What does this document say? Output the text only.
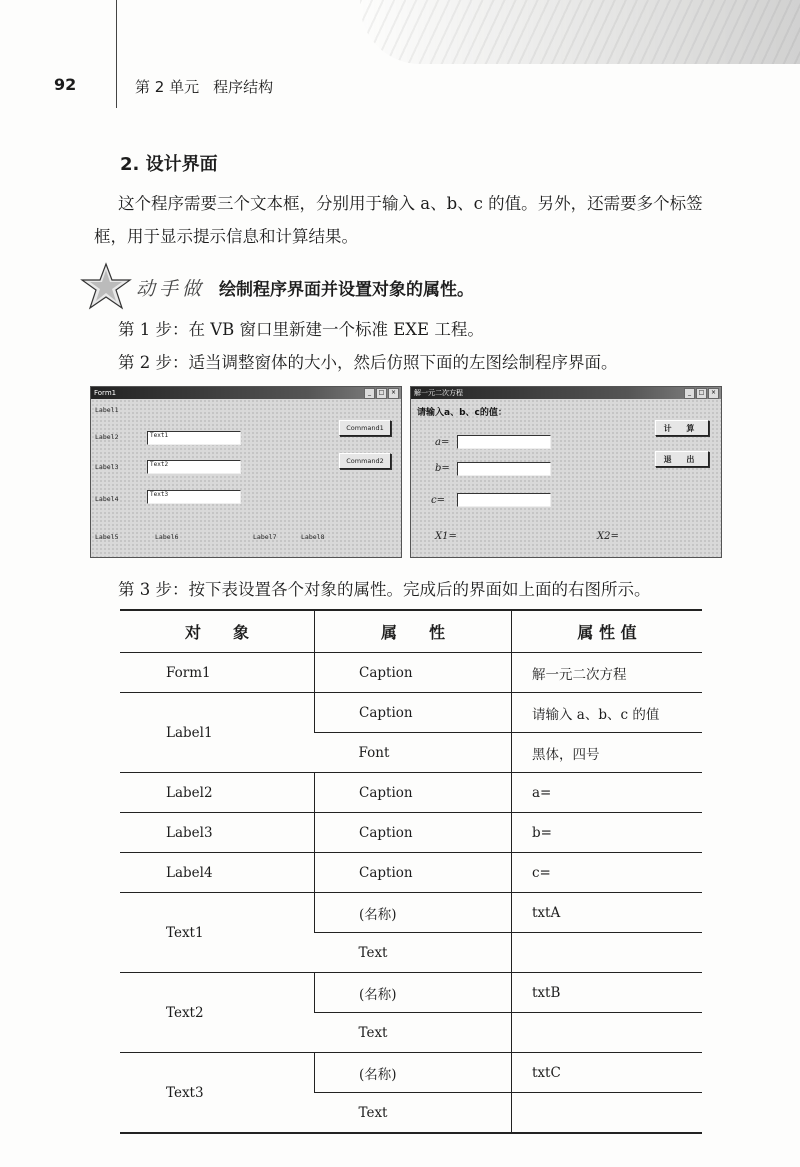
92	第 2 单元 程序结构
2. 设计界面
这个程序需要三个文本框，分别用于输入 a、b、c 的值。另外，还需要多个标签框，用于显示提示信息和计算结果。
动手做 绘制程序界面并设置对象的属性。
第 1 步：在 VB 窗口里新建一个标准 EXE 工程。
第 2 步：适当调整窗体的大小，然后仿照下面的左图绘制程序界面。
Form1	_	□	×
Label1
Label2
Label3
Label4
Text1
Text2
Text3
Command1
Command2
Label5	Label6	Label7	Label8
解一元二次方程	_	□	×
请输入a、b、c的值：
a=
b=
c=
计 算
退 出
X1=	X2=
第 3 步：按下表设置各个对象的属性。完成后的界面如上面的右图所示。
对　　象	属　　性	属 性 值
Form1	Caption	解一元二次方程
Label1	Caption	请输入 a、b、c 的值
	Font	黑体，四号
Label2	Caption	a=
Label3	Caption	b=
Label4	Caption	c=
Text1	(名称)	txtA
	Text	
Text2	(名称)	txtB
	Text	
Text3	(名称)	txtC
	Text	
